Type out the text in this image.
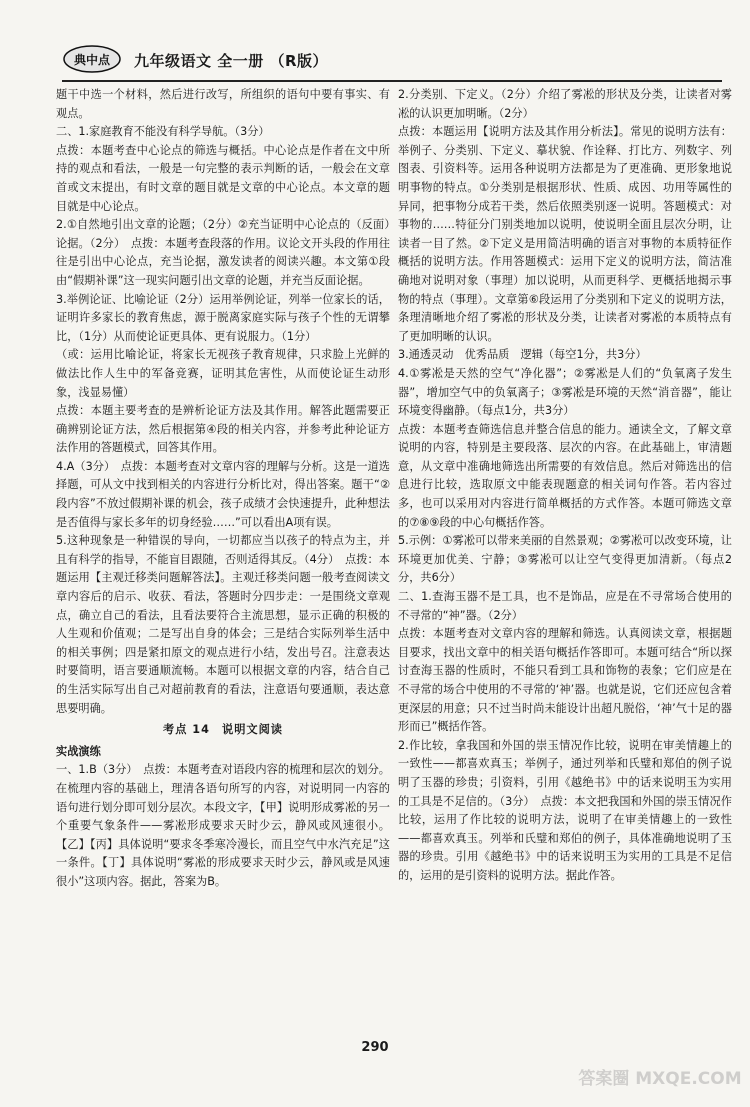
典中点 九年级语文 全一册 （R版）

题干中选一个材料，然后进行改写，所组织的语句中要有事实、有观点。

二、1.家庭教育不能没有科学导航。（3分）

点拨：本题考查中心论点的筛选与概括。中心论点是作者在文中所持的观点和看法，一般是一句完整的表示判断的话，一般会在文章首或文末提出，有时文章的题目就是文章的中心论点。本文章的题目就是中心论点。

2.①自然地引出文章的论题；（2分）②充当证明中心论点的（反面）论据。（2分）　点拨：本题考查段落的作用。议论文开头段的作用往往是引出中心论点，充当论据，激发读者的阅读兴趣。本文第①段由“假期补课”这一现实问题引出文章的论题，并充当反面论据。

3.举例论证、比喻论证（2分）运用举例论证，列举一位家长的话，证明许多家长的教育焦虑，源于脱离家庭实际与孩子个性的无谓攀比，（1分）从而使论证更具体、更有说服力。（1分）

（或：运用比喻论证，将家长无视孩子教育规律，只求脸上光鲜的做法比作人生中的军备竞赛，证明其危害性，从而使论证生动形象，浅显易懂）

点拨：本题主要考查的是辨析论证方法及其作用。解答此题需要正确辨别论证方法，然后根据第④段的相关内容，并参考此种论证方法作用的答题模式，回答其作用。

4.A（3分）　点拨：本题考查对文章内容的理解与分析。这是一道选择题，可从文中找到相关的内容进行分析比对，得出答案。题干“②段内容”不放过假期补课的机会，孩子成绩才会快速提升，此种想法是否值得与家长多年的切身经验……”可以看出A项有误。

5.这种现象是一种错误的导向，一切都应当以孩子的特点为主，并且有科学的指导，不能盲目跟随，否则适得其反。（4分）　点拨：本题运用【主观迁移类问题解答法】。主观迁移类问题一般考查阅读文章内容后的启示、收获、看法，答题时分四步走：一是围绕文章观点，确立自己的看法，且看法要符合主流思想，显示正确的积极的人生观和价值观；二是写出自身的体会；三是结合实际列举生活中的相关事例；四是紧扣原文的观点进行小结，发出号召。注意表达时要简明，语言要通顺流畅。本题可以根据文章的内容，结合自己的生活实际写出自己对超前教育的看法，注意语句要通顺，表达意思要明确。

考点 14　说明文阅读

实战演练

一、1.B（3分）　点拨：本题考查对语段内容的梳理和层次的划分。在梳理内容的基础上，理清各语句所写的内容，对说明同一内容的语句进行划分即可划分层次。本段文字，【甲】说明形成雾凇的另一个重要气象条件——雾凇形成要求天时少云，静风或风速很小。【乙】【丙】具体说明“要求冬季寒冷漫长，而且空气中水汽充足”这一条件。【丁】具体说明“雾凇的形成要求天时少云，静风或是风速很小”这项内容。据此，答案为B。

2.分类别、下定义。（2分）介绍了雾凇的形状及分类，让读者对雾凇的认识更加明晰。（2分）

点拨：本题运用【说明方法及其作用分析法】。常见的说明方法有：举例子、分类别、下定义、摹状貌、作诠释、打比方、列数字、列图表、引资料等。运用各种说明方法都是为了更准确、更形象地说明事物的特点。①分类别是根据形状、性质、成因、功用等属性的异同，把事物分成若干类，然后依照类别逐一说明。答题模式：对事物的……特征分门别类地加以说明，使说明全面且层次分明，让读者一目了然。②下定义是用简洁明确的语言对事物的本质特征作概括的说明方法。作用答题模式：运用下定义的说明方法，简洁准确地对说明对象（事理）加以说明，从而更科学、更概括地揭示事物的特点（事理）。文章第⑥段运用了分类别和下定义的说明方法，条理清晰地介绍了雾凇的形状及分类，让读者对雾凇的本质特点有了更加明晰的认识。

3.通透灵动　优秀品质　逻辑（每空1分，共3分）

4.①雾凇是天然的空气“净化器”；②雾凇是人们的“负氧离子发生器”，增加空气中的负氧离子；③雾凇是环境的天然“消音器”，能让环境变得幽静。（每点1分，共3分）

点拨：本题考查筛选信息并整合信息的能力。通读全文，了解文章说明的内容，特别是主要段落、层次的内容。在此基础上，审清题意，从文章中准确地筛选出所需要的有效信息。然后对筛选出的信息进行比较，选取原文中能表现题意的相关词句作答。若内容过多，也可以采用对内容进行简单概括的方式作答。本题可筛选文章的⑦⑧⑨段的中心句概括作答。

5.示例：①雾凇可以带来美丽的自然景观；②雾凇可以改变环境，让环境更加优美、宁静；③雾凇可以让空气变得更加清新。（每点2分，共6分）

二、1.查海玉器不是工具，也不是饰品，应是在不寻常场合使用的不寻常的“神”器。（2分）

点拨：本题考查对文章内容的理解和筛选。认真阅读文章，根据题目要求，找出文章中的相关语句概括作答即可。本题可结合“所以探讨查海玉器的性质时，不能只看到工具和饰物的表象；它们应是在不寻常的场合中使用的不寻常的‘神’器。也就是说，它们还应包含着更深层的用意；只不过当时尚未能设计出超凡脱俗，‘神’气十足的器形而已”概括作答。

2.作比较，拿我国和外国的崇玉情况作比较，说明在审美情趣上的一致性——都喜欢真玉；举例子，通过列举和氏璧和郑伯的例子说明了玉器的珍贵；引资料，引用《越绝书》中的话来说明玉为实用的工具是不足信的。（3分）　点拨：本文把我国和外国的崇玉情况作比较，运用了作比较的说明方法，说明了在审美情趣上的一致性——都喜欢真玉。列举和氏璧和郑伯的例子，具体准确地说明了玉器的珍贵。引用《越绝书》中的话来说明玉为实用的工具是不足信的，运用的是引资料的说明方法。据此作答。

290
答案圈 MXQE.COM
